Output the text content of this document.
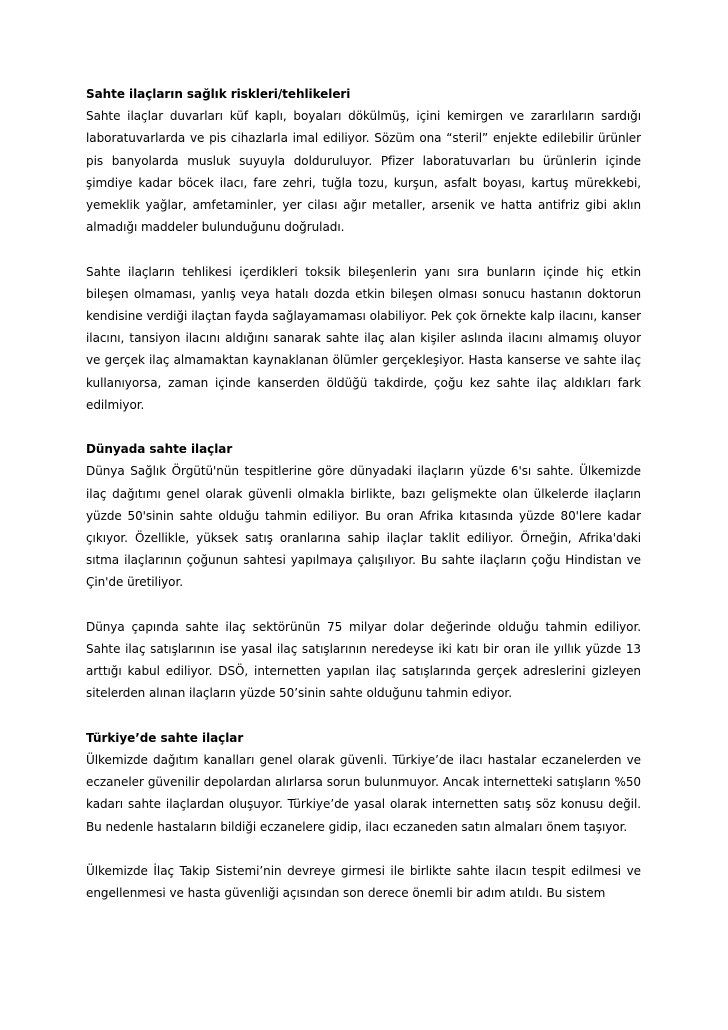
Sahte ilaçların sağlık riskleri/tehlikeleri

Sahte ilaçlar duvarları küf kaplı, boyaları dökülmüş, içini kemirgen ve zararlıların sardığı laboratuvarlarda ve pis cihazlarla imal ediliyor. Sözüm ona “steril” enjekte edilebilir ürünler pis banyolarda musluk suyuyla dolduruluyor. Pfizer laboratuvarları bu ürünlerin içinde şimdiye kadar böcek ilacı, fare zehri, tuğla tozu, kurşun, asfalt boyası, kartuş mürekkebi, yemeklik yağlar, amfetaminler, yer cilası ağır metaller, arsenik ve hatta antifriz gibi aklın almadığı maddeler bulunduğunu doğruladı.

Sahte ilaçların tehlikesi içerdikleri toksik bileşenlerin yanı sıra bunların içinde hiç etkin bileşen olmaması, yanlış veya hatalı dozda etkin bileşen olması sonucu hastanın doktorun kendisine verdiği ilaçtan fayda sağlayamaması olabiliyor. Pek çok örnekte kalp ilacını, kanser ilacını, tansiyon ilacını aldığını sanarak sahte ilaç alan kişiler aslında ilacını almamış oluyor ve gerçek ilaç almamaktan kaynaklanan ölümler gerçekleşiyor. Hasta kanserse ve sahte ilaç kullanıyorsa, zaman içinde kanserden öldüğü takdirde, çoğu kez sahte ilaç aldıkları fark edilmiyor.

Dünyada sahte ilaçlar

Dünya Sağlık Örgütü'nün tespitlerine göre dünyadaki ilaçların yüzde 6'sı sahte. Ülkemizde ilaç dağıtımı genel olarak güvenli olmakla birlikte, bazı gelişmekte olan ülkelerde ilaçların yüzde 50'sinin sahte olduğu tahmin ediliyor. Bu oran Afrika kıtasında yüzde 80'lere kadar çıkıyor. Özellikle, yüksek satış oranlarına sahip ilaçlar taklit ediliyor. Örneğin, Afrika'daki sıtma ilaçlarının çoğunun sahtesi yapılmaya çalışılıyor. Bu sahte ilaçların çoğu Hindistan ve Çin'de üretiliyor.

Dünya çapında sahte ilaç sektörünün 75 milyar dolar değerinde olduğu tahmin ediliyor. Sahte ilaç satışlarının ise yasal ilaç satışlarının neredeyse iki katı bir oran ile yıllık yüzde 13 arttığı kabul ediliyor. DSÖ, internetten yapılan ilaç satışlarında gerçek adreslerini gizleyen sitelerden alınan ilaçların yüzde 50’sinin sahte olduğunu tahmin ediyor.

Türkiye’de sahte ilaçlar

Ülkemizde dağıtım kanalları genel olarak güvenli. Türkiye’de ilacı hastalar eczanelerden ve eczaneler güvenilir depolardan alırlarsa sorun bulunmuyor. Ancak internetteki satışların %50 kadarı sahte ilaçlardan oluşuyor. Türkiye’de yasal olarak internetten satış söz konusu değil. Bu nedenle hastaların bildiği eczanelere gidip, ilacı eczaneden satın almaları önem taşıyor.

Ülkemizde İlaç Takip Sistemi’nin devreye girmesi ile birlikte sahte ilacın tespit edilmesi ve engellenmesi ve hasta güvenliği açısından son derece önemli bir adım atıldı. Bu sistem
